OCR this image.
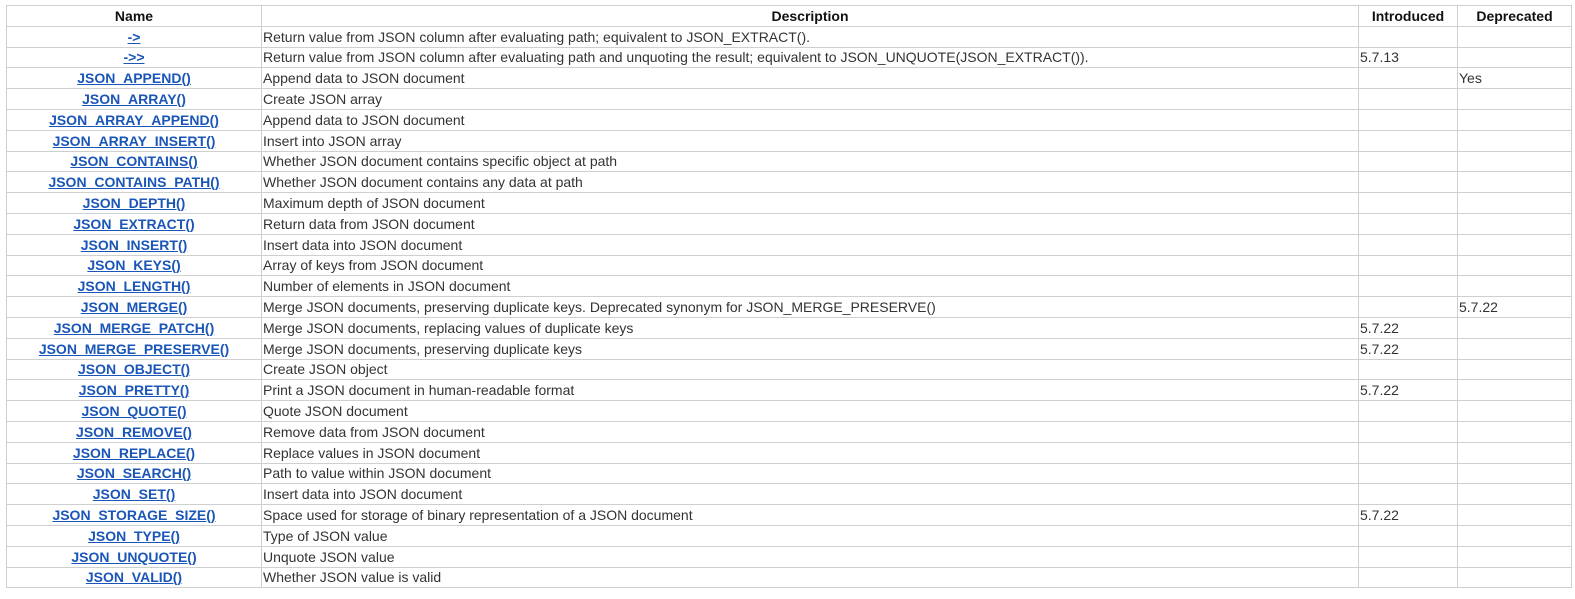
Name	Description	Introduced	Deprecated
->	Return value from JSON column after evaluating path; equivalent to JSON_EXTRACT().		
->>	Return value from JSON column after evaluating path and unquoting the result; equivalent to JSON_UNQUOTE(JSON_EXTRACT()).	5.7.13	
JSON_APPEND()	Append data to JSON document		Yes
JSON_ARRAY()	Create JSON array		
JSON_ARRAY_APPEND()	Append data to JSON document		
JSON_ARRAY_INSERT()	Insert into JSON array		
JSON_CONTAINS()	Whether JSON document contains specific object at path		
JSON_CONTAINS_PATH()	Whether JSON document contains any data at path		
JSON_DEPTH()	Maximum depth of JSON document		
JSON_EXTRACT()	Return data from JSON document		
JSON_INSERT()	Insert data into JSON document		
JSON_KEYS()	Array of keys from JSON document		
JSON_LENGTH()	Number of elements in JSON document		
JSON_MERGE()	Merge JSON documents, preserving duplicate keys. Deprecated synonym for JSON_MERGE_PRESERVE()		5.7.22
JSON_MERGE_PATCH()	Merge JSON documents, replacing values of duplicate keys	5.7.22	
JSON_MERGE_PRESERVE()	Merge JSON documents, preserving duplicate keys	5.7.22	
JSON_OBJECT()	Create JSON object		
JSON_PRETTY()	Print a JSON document in human-readable format	5.7.22	
JSON_QUOTE()	Quote JSON document		
JSON_REMOVE()	Remove data from JSON document		
JSON_REPLACE()	Replace values in JSON document		
JSON_SEARCH()	Path to value within JSON document		
JSON_SET()	Insert data into JSON document		
JSON_STORAGE_SIZE()	Space used for storage of binary representation of a JSON document	5.7.22	
JSON_TYPE()	Type of JSON value		
JSON_UNQUOTE()	Unquote JSON value		
JSON_VALID()	Whether JSON value is valid		
